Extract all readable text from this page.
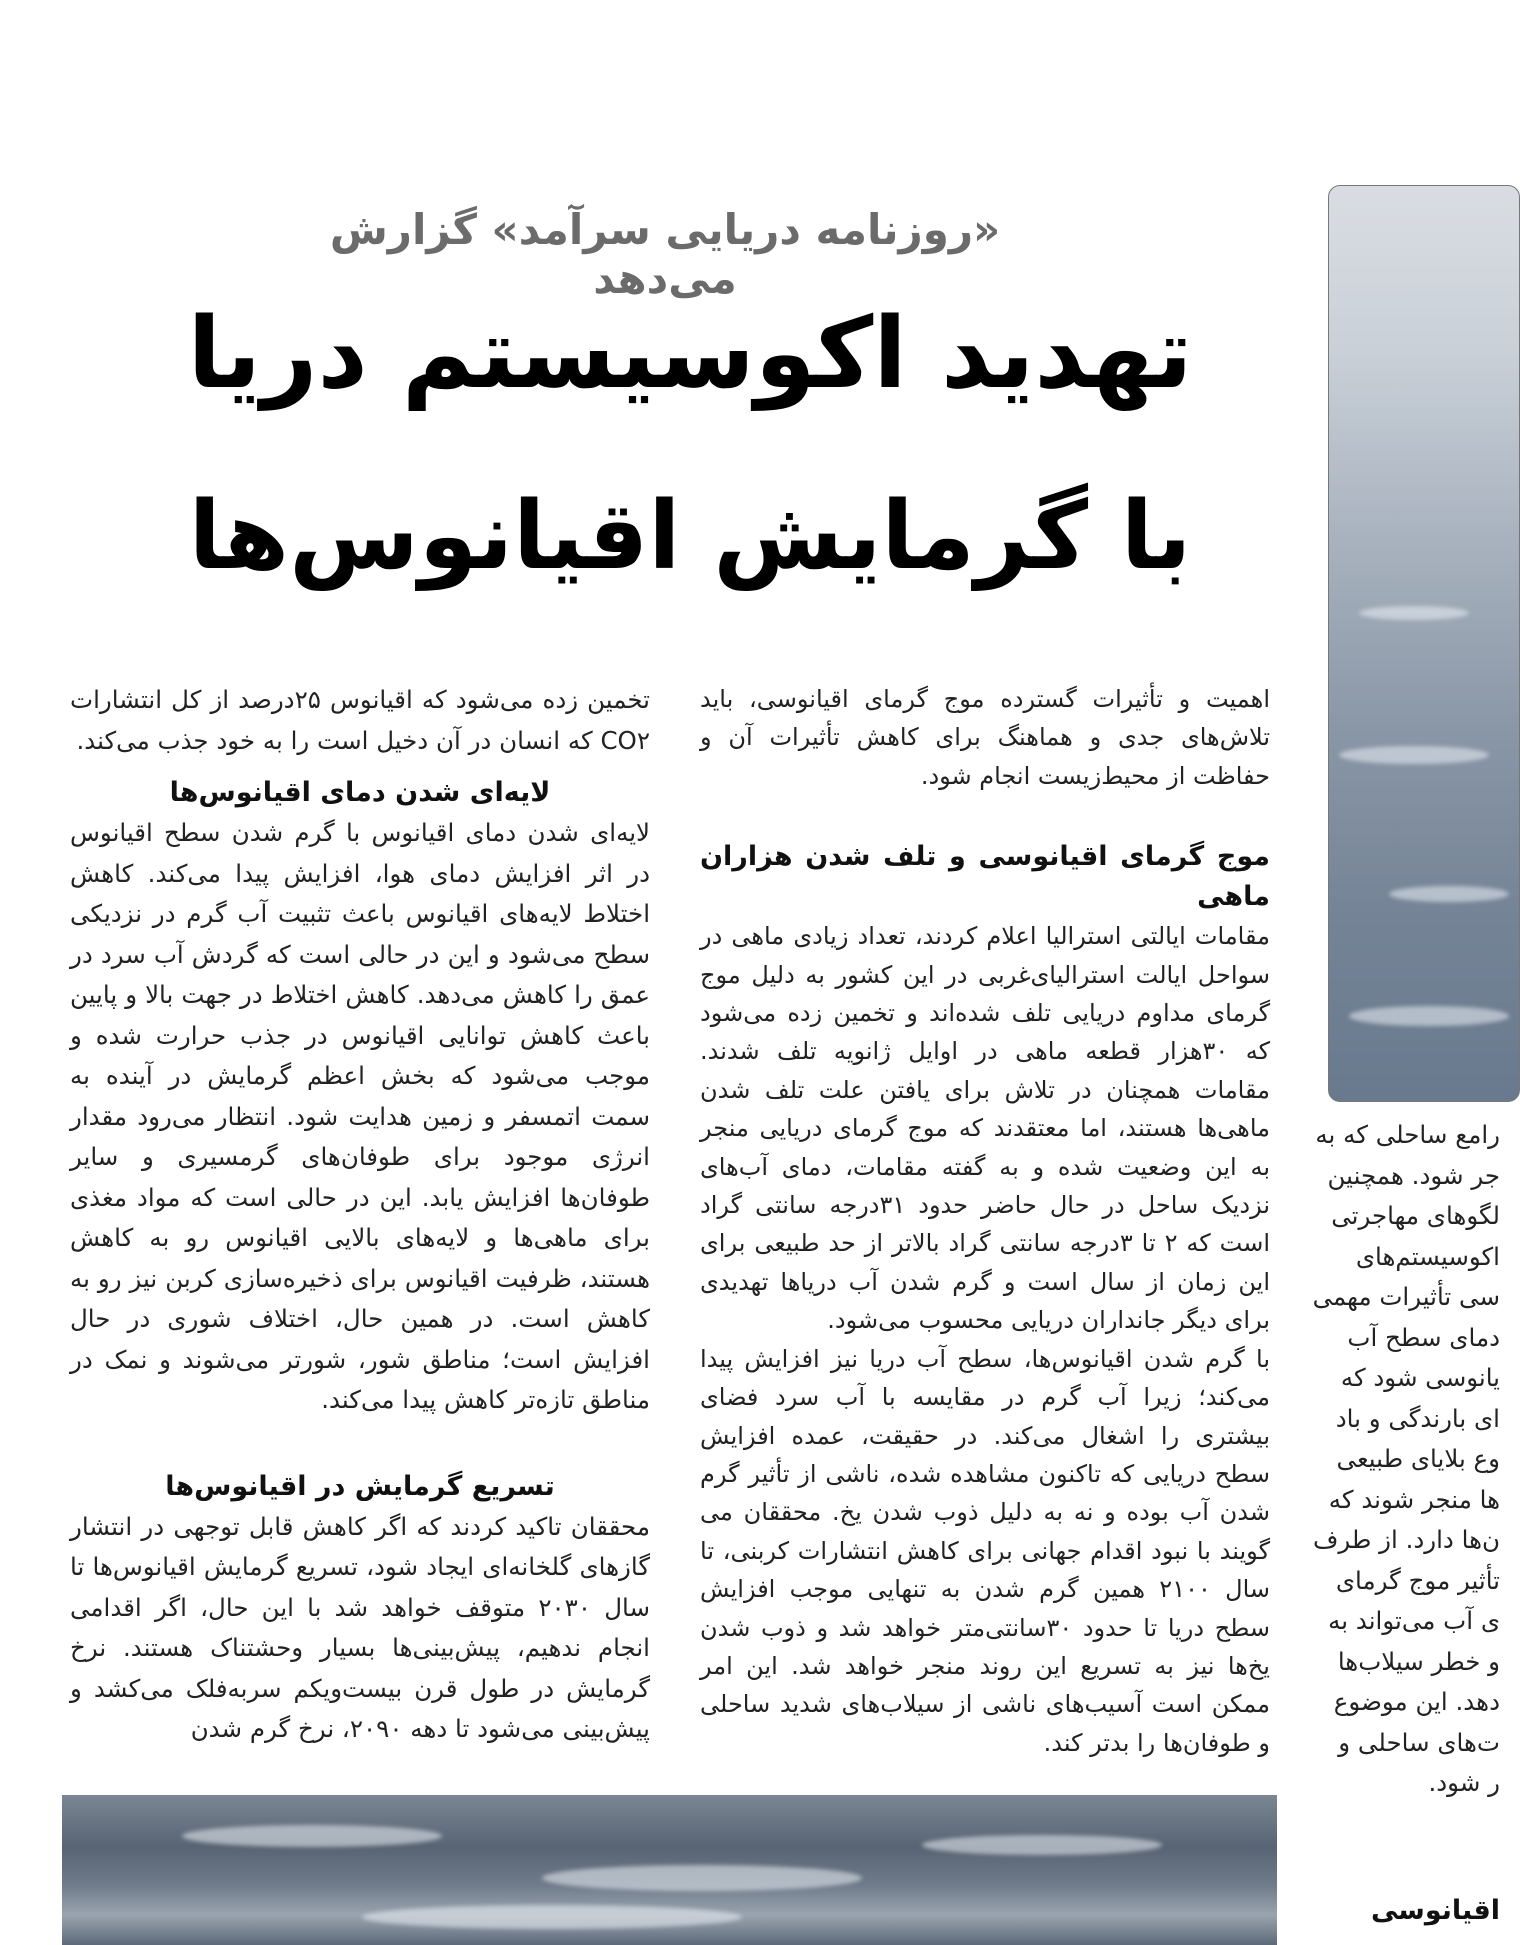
«روزنامه دریایی سرآمد» گزارش می‌دهد
تهدید اکوسیستم دریا
با گرمایش اقیانوس‌ها

اهمیت و تأثیرات گسترده موج گرمای اقیانوسی، باید تلاش‌های جدی و هماهنگ برای کاهش تأثیرات آن و حفاظت از محیط‌زیست انجام شود.

موج گرمای اقیانوسی و تلف شدن هزاران ماهی

مقامات ایالتی استرالیا اعلام کردند، تعداد زیادی ماهی در سواحل ایالت استرالیای‌غربی در این کشور به دلیل موج گرمای مداوم دریایی تلف شده‌اند و تخمین زده می‌شود که ۳۰هزار قطعه ماهی در اوایل ژانویه تلف شدند. مقامات همچنان در تلاش برای یافتن علت تلف شدن ماهی‌ها هستند، اما معتقدند که موج گرمای دریایی منجر به این وضعیت شده و به گفته مقامات، دمای آب‌های نزدیک ساحل در حال حاضر حدود ۳۱درجه سانتی گراد است که ۲ تا ۳درجه سانتی گراد بالاتر از حد طبیعی برای این زمان از سال است و گرم شدن آب دریاها تهدیدی برای دیگر جانداران دریایی محسوب می‌شود.

با گرم شدن اقیانوس‌ها، سطح آب دریا نیز افزایش پیدا می‌کند؛ زیرا آب گرم در مقایسه با آب سرد فضای بیشتری را اشغال می‌کند. در حقیقت، عمده افزایش سطح دریایی که تاکنون مشاهده شده، ناشی از تأثیر گرم شدن آب بوده و نه به دلیل ذوب شدن یخ. محققان می گویند با نبود اقدام جهانی برای کاهش انتشارات کربنی، تا سال ۲۱۰۰ همین گرم شدن به تنهایی موجب افزایش سطح دریا تا حدود ۳۰سانتی‌متر خواهد شد و ذوب شدن یخ‌ها نیز به تسریع این روند منجر خواهد شد. این امر ممکن است آسیب‌های ناشی از سیلاب‌های شدید ساحلی و طوفان‌ها را بدتر کند.

تخمین زده می‌شود که اقیانوس ۲۵درصد از کل انتشارات CO۲ که انسان در آن دخیل است را به خود جذب می‌کند.

لایه‌ای شدن دمای اقیانوس‌ها

لایه‌ای شدن دمای اقیانوس با گرم شدن سطح اقیانوس در اثر افزایش دمای هوا، افزایش پیدا می‌کند. کاهش اختلاط لایه‌های اقیانوس باعث تثبیت آب گرم در نزدیکی سطح می‌شود و این در حالی است که گردش آب سرد در عمق را کاهش می‌دهد. کاهش اختلاط در جهت بالا و پایین باعث کاهش توانایی اقیانوس در جذب حرارت شده و موجب می‌شود که بخش اعظم گرمایش در آینده به سمت اتمسفر و زمین هدایت شود. انتظار می‌رود مقدار انرژی موجود برای طوفان‌های گرمسیری و سایر طوفان‌ها افزایش یابد. این در حالی است که مواد مغذی برای ماهی‌ها و لایه‌های بالایی اقیانوس رو به کاهش هستند، ظرفیت اقیانوس برای ذخیره‌سازی کربن نیز رو به کاهش است. در همین حال، اختلاف شوری در حال افزایش است؛ مناطق شور، شورتر می‌شوند و نمک در مناطق تازه‌تر کاهش پیدا می‌کند.

تسریع گرمایش در اقیانوس‌ها

محققان تاکید کردند که اگر کاهش قابل توجهی در انتشار گازهای گلخانه‌ای ایجاد شود، تسریع گرمایش اقیانوس‌ها تا سال ۲۰۳۰ متوقف خواهد شد با این حال، اگر اقدامی انجام ندهیم، پیش‌بینی‌ها بسیار وحشتناک هستند. نرخ گرمایش در طول قرن بیست‌ویکم سربه‌فلک می‌کشد و پیش‌بینی می‌شود تا دهه ۲۰۹۰، نرخ گرم شدن

رامع ساحلی که به
جر شود. همچنین
لگوهای مهاجرتی
اکوسیستم‌های
سی تأثیرات مهمی
دمای سطح آب
یانوسی شود که
ای بارندگی و باد
وع بلایای طبیعی
ها منجر شوند که
ن‌ها دارد. از طرف
تأثیر موج گرمای
ی آب می‌تواند به
و خطر سیلاب‌ها
دهد. این موضوع
ت‌های ساحلی و
ر شود.
اقیانوسی
